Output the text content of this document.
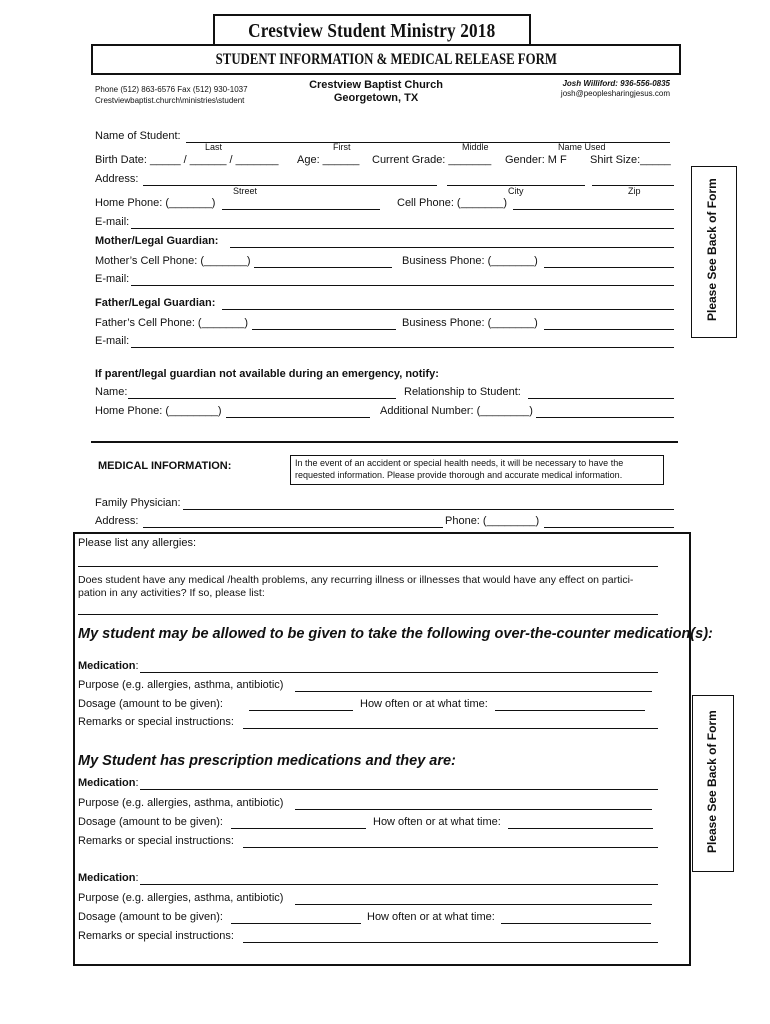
Crestview Student Ministry 2018
STUDENT INFORMATION & MEDICAL RELEASE FORM
Phone (512) 863-6576 Fax (512) 930-1037
Crestviewbaptist.church\ministries\student
Crestview Baptist Church
Georgetown, TX
Josh Williford: 936-556-0835
josh@peoplesharingjesus.com
Please See Back of Form
Please See Back of Form
Name of Student:
Last	First	Middle	Name Used
Birth Date: _____ / ______ / _______ Age: ______ Current Grade: _______ Gender: M F Shirt Size:_____
Address:
Street	City	Zip
Home Phone: (_______)	Cell Phone: (_______)
E-mail:
Mother/Legal Guardian:
Mother’s Cell Phone: (_______)	Business Phone: (_______)
E-mail:
Father/Legal Guardian:
Father’s Cell Phone: (_______)	Business Phone: (_______)
E-mail:
If parent/legal guardian not available during an emergency, notify:
Name:	Relationship to Student:
Home Phone: (________)	Additional Number: (________)
MEDICAL INFORMATION:	In the event of an accident or special health needs, it will be necessary to have the requested information. Please provide thorough and accurate medical information.
Family Physician:
Address:	Phone: (________)
Please list any allergies:
Does student have any medical /health problems, any recurring illness or illnesses that would have any effect on partici-
pation in any activities? If so, please list:
My student may be allowed to be given to take the following over-the-counter medication(s):
Medication:
Purpose (e.g. allergies, asthma, antibiotic)
Dosage (amount to be given):	How often or at what time:
Remarks or special instructions:
My Student has prescription medications and they are:
Medication:
Purpose (e.g. allergies, asthma, antibiotic)
Dosage (amount to be given):	How often or at what time:
Remarks or special instructions:
Medication:
Purpose (e.g. allergies, asthma, antibiotic)
Dosage (amount to be given):	How often or at what time:
Remarks or special instructions:
